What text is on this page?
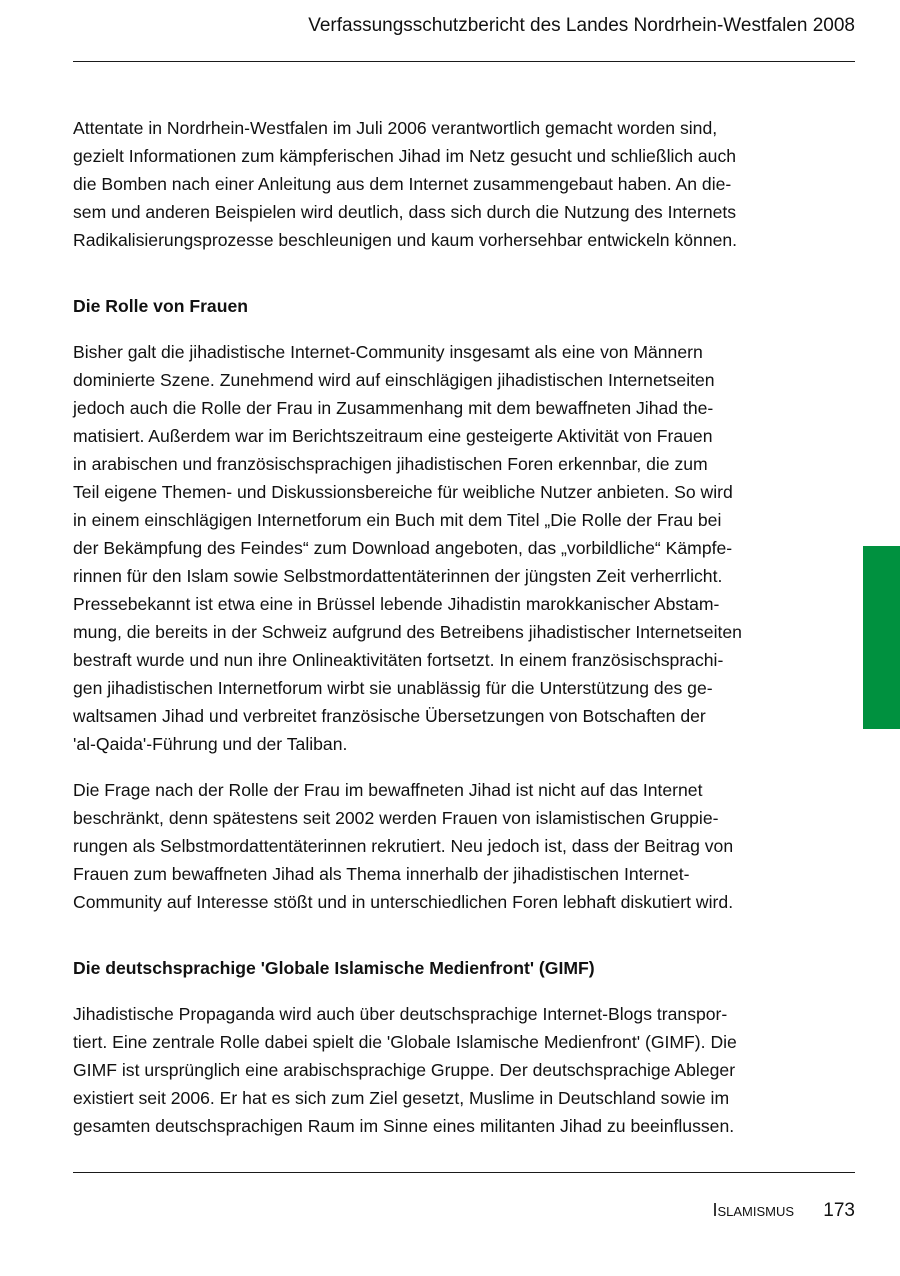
Verfassungsschutzbericht des Landes Nordrhein-Westfalen 2008

Attentate in Nordrhein-Westfalen im Juli 2006 verantwortlich gemacht worden sind,
gezielt Informationen zum kämpferischen Jihad im Netz gesucht und schließlich auch
die Bomben nach einer Anleitung aus dem Internet zusammengebaut haben. An die-
sem und anderen Beispielen wird deutlich, dass sich durch die Nutzung des Internets
Radikalisierungsprozesse beschleunigen und kaum vorhersehbar entwickeln können.

Die Rolle von Frauen

Bisher galt die jihadistische Internet-Community insgesamt als eine von Männern
dominierte Szene. Zunehmend wird auf einschlägigen jihadistischen Internetseiten
jedoch auch die Rolle der Frau in Zusammenhang mit dem bewaffneten Jihad the-
matisiert. Außerdem war im Berichtszeitraum eine gesteigerte Aktivität von Frauen
in arabischen und französischsprachigen jihadistischen Foren erkennbar, die zum
Teil eigene Themen- und Diskussionsbereiche für weibliche Nutzer anbieten. So wird
in einem einschlägigen Internetforum ein Buch mit dem Titel „Die Rolle der Frau bei
der Bekämpfung des Feindes“ zum Download angeboten, das „vorbildliche“ Kämpfe-
rinnen für den Islam sowie Selbstmordattentäterinnen der jüngsten Zeit verherrlicht.
Pressebekannt ist etwa eine in Brüssel lebende Jihadistin marokkanischer Abstam-
mung, die bereits in der Schweiz aufgrund des Betreibens jihadistischer Internetseiten
bestraft wurde und nun ihre Onlineaktivitäten fortsetzt. In einem französischsprachi-
gen jihadistischen Internetforum wirbt sie unablässig für die Unterstützung des ge-
waltsamen Jihad und verbreitet französische Übersetzungen von Botschaften der
'al-Qaida'-Führung und der Taliban.

Die Frage nach der Rolle der Frau im bewaffneten Jihad ist nicht auf das Internet
beschränkt, denn spätestens seit 2002 werden Frauen von islamistischen Gruppie-
rungen als Selbstmordattentäterinnen rekrutiert. Neu jedoch ist, dass der Beitrag von
Frauen zum bewaffneten Jihad als Thema innerhalb der jihadistischen Internet-
Community auf Interesse stößt und in unterschiedlichen Foren lebhaft diskutiert wird.

Die deutschsprachige 'Globale Islamische Medienfront' (GIMF)

Jihadistische Propaganda wird auch über deutschsprachige Internet-Blogs transpor-
tiert. Eine zentrale Rolle dabei spielt die 'Globale Islamische Medienfront' (GIMF). Die
GIMF ist ursprünglich eine arabischsprachige Gruppe. Der deutschsprachige Ableger
existiert seit 2006. Er hat es sich zum Ziel gesetzt, Muslime in Deutschland sowie im
gesamten deutschsprachigen Raum im Sinne eines militanten Jihad zu beeinflussen.

Islamismus 173
